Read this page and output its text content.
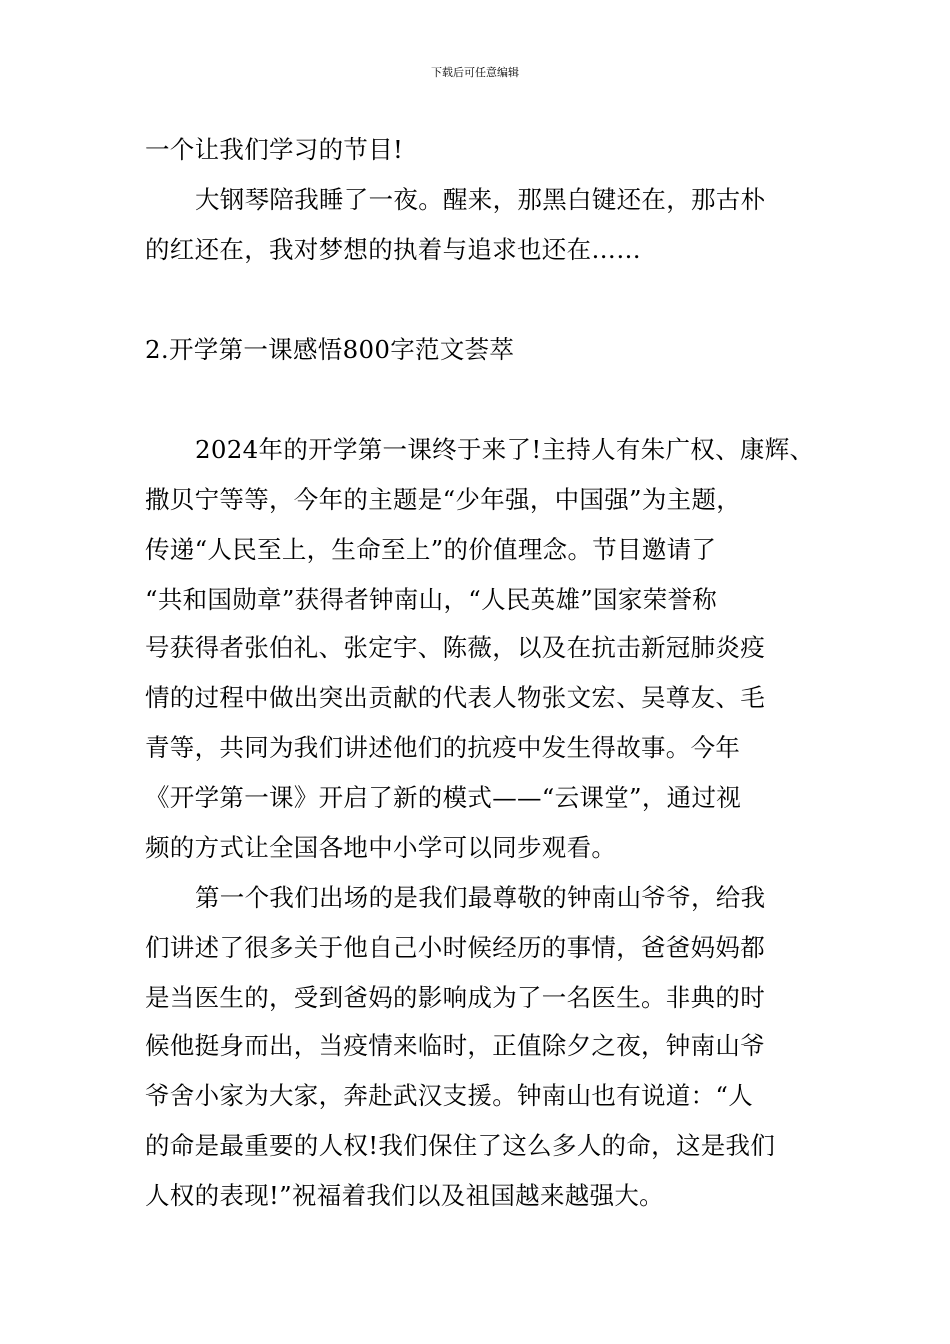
下载后可任意编辑
一个让我们学习的节目!
大钢琴陪我睡了一夜。醒来，那黑白键还在，那古朴
的红还在，我对梦想的执着与追求也还在……
2.开学第一课感悟800字范文荟萃
2024年的开学第一课终于来了!主持人有朱广权、康辉、
撒贝宁等等，今年的主题是“少年强，中国强”为主题，
传递“人民至上，生命至上”的价值理念。节目邀请了
“共和国勋章”获得者钟南山，“人民英雄”国家荣誉称
号获得者张伯礼、张定宇、陈薇，以及在抗击新冠肺炎疫
情的过程中做出突出贡献的代表人物张文宏、吴尊友、毛
青等，共同为我们讲述他们的抗疫中发生得故事。今年
《开学第一课》开启了新的模式——“云课堂”，通过视
频的方式让全国各地中小学可以同步观看。
第一个我们出场的是我们最尊敬的钟南山爷爷，给我
们讲述了很多关于他自己小时候经历的事情，爸爸妈妈都
是当医生的，受到爸妈的影响成为了一名医生。非典的时
候他挺身而出，当疫情来临时，正值除夕之夜，钟南山爷
爷舍小家为大家，奔赴武汉支援。钟南山也有说道：“人
的命是最重要的人权!我们保住了这么多人的命，这是我们
人权的表现!”祝福着我们以及祖国越来越强大。
